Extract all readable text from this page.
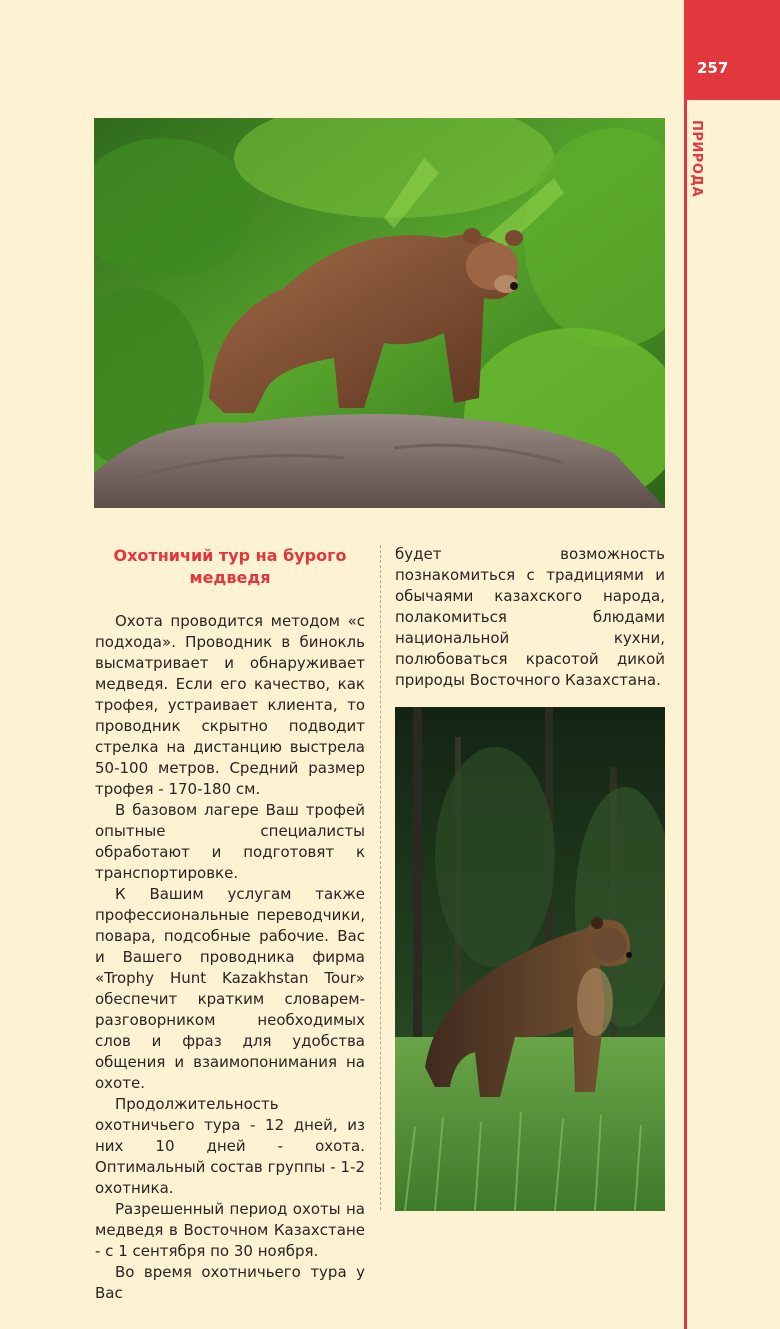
257
ПРИРОДА
Охотничий тур на бурого медведя

Охота проводится методом «с подхода». Проводник в бинокль высматривает и обнаруживает медведя. Если его качество, как трофея, устраивает клиента, то проводник скрытно подводит стрелка на дистанцию выстрела 50-100 метров. Средний размер трофея - 170-180 см.

В базовом лагере Ваш трофей опытные специалисты обработают и подготовят к транспортировке.

К Вашим услугам также профессиональные переводчики, повара, подсобные рабочие. Вас и Вашего проводника фирма «Trophy Hunt Kazakhstan Tour» обеспечит кратким словарем-разговорником необходимых слов и фраз для удобства общения и взаимопонимания на охоте.

Продолжительность охотничьего тура - 12 дней, из них 10 дней - охота. Оптимальный состав группы - 1-2 охотника.

Разрешенный период охоты на медведя в Восточном Казахстане - с 1 сентября по 30 ноября.

Во время охотничьего тура у Вас

будет возможность познакомиться с традициями и обычаями казахского народа, полакомиться блюдами национальной кухни, полюбоваться красотой дикой природы Восточного Казахстана.
